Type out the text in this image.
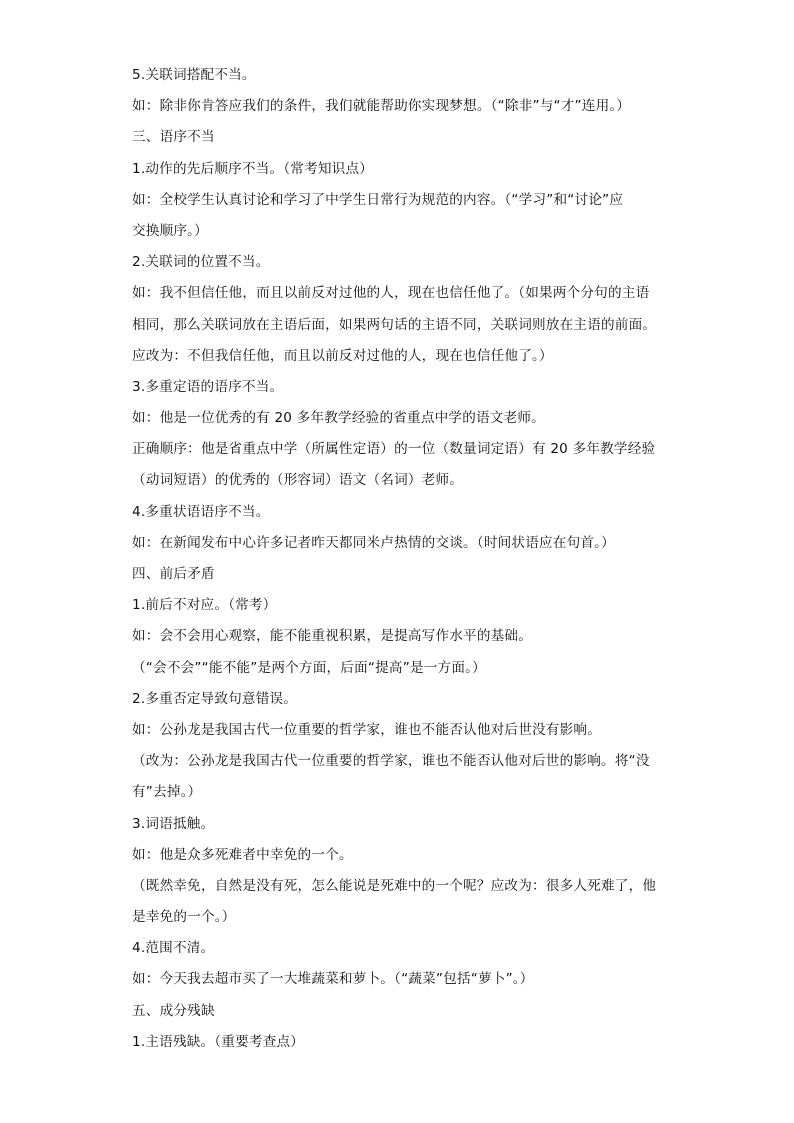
5.关联词搭配不当。
如：除非你肯答应我们的条件，我们就能帮助你实现梦想。（“除非”与“才”连用。）
三、语序不当
1.动作的先后顺序不当。（常考知识点）
如：全校学生认真讨论和学习了中学生日常行为规范的内容。（“学习”和“讨论”应
交换顺序。）
2.关联词的位置不当。
如：我不但信任他，而且以前反对过他的人，现在也信任他了。（如果两个分句的主语
相同，那么关联词放在主语后面，如果两句话的主语不同，关联词则放在主语的前面。
应改为：不但我信任他，而且以前反对过他的人，现在也信任他了。）
3.多重定语的语序不当。
如：他是一位优秀的有 20 多年教学经验的省重点中学的语文老师。
正确顺序：他是省重点中学（所属性定语）的一位（数量词定语）有 20 多年教学经验
（动词短语）的优秀的（形容词）语文（名词）老师。
4.多重状语语序不当。
如：在新闻发布中心许多记者昨天都同米卢热情的交谈。（时间状语应在句首。）
四、前后矛盾
1.前后不对应。（常考）
如：会不会用心观察，能不能重视积累，是提高写作水平的基础。
（“会不会”“能不能”是两个方面，后面“提高”是一方面。）
2.多重否定导致句意错误。
如：公孙龙是我国古代一位重要的哲学家，谁也不能否认他对后世没有影响。
（改为：公孙龙是我国古代一位重要的哲学家，谁也不能否认他对后世的影响。将“没
有”去掉。）
3.词语抵触。
如：他是众多死难者中幸免的一个。
（既然幸免，自然是没有死，怎么能说是死难中的一个呢？应改为：很多人死难了，他
是幸免的一个。）
4.范围不清。
如：今天我去超市买了一大堆蔬菜和萝卜。（“蔬菜”包括“萝卜”。）
五、成分残缺
1.主语残缺。（重要考查点）
